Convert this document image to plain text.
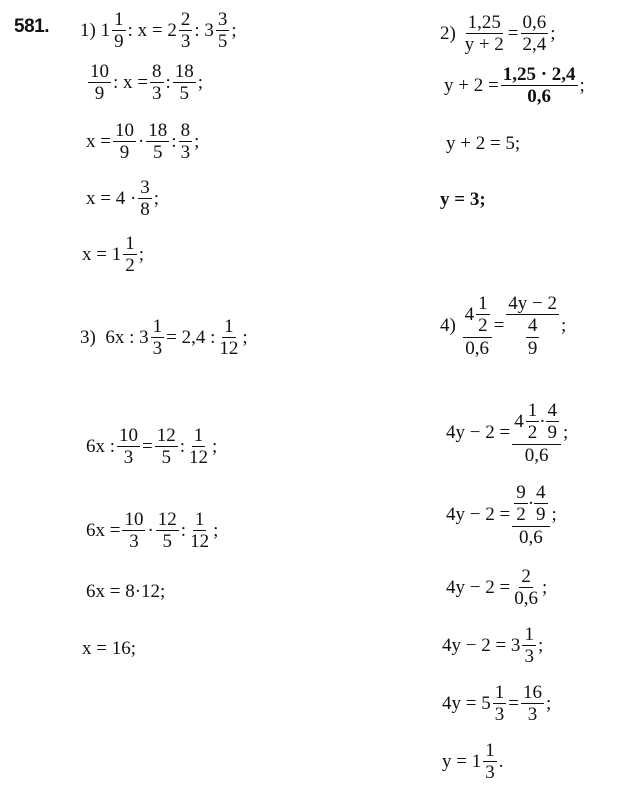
581. 1)
1
1
9
: x = 2
2
3
: 3
3
5
;
10
9
: $x = \frac{8}{3}$ :
18
5
;
$x = \frac{10}{9}$ ·
18
5
:
8
3
;
x = 4 ·
3
8
;
x = 1
1
2
;
3)
6x : $3 \frac{1}{3} = 2,4$ :
1
12
;
6x : $\frac{10}{3} = \frac{12}{5}$ :
1
12
;
$6x = \frac{10}{3}$ ·
12
5
:
1
12
;
6x = 8·12;
x = 16;
2)
$\frac{1,25}{y + 2} = \frac{0,6}{2,4}$ ;
$y + 2 = \frac{1,25 \cdot 2,4}{0,6}$ ;
y + 2 = 5;
y = 3;
4)
4
1
2
$0,6 = \frac{4y - 2}{\frac{4}{9}}$ ;
4y − 2 = 4
1
2
·
4
9
0,6 ;
4y − 2 = 9
2
·
4
9
0,6 ;
$4y - 2 = \frac{2}{0,6}$ ;
4y − 2 = 3
1
3
;
$4y = 5 \frac{1}{3} = \frac{16}{3}$ ;
y = 1
1
3
.
